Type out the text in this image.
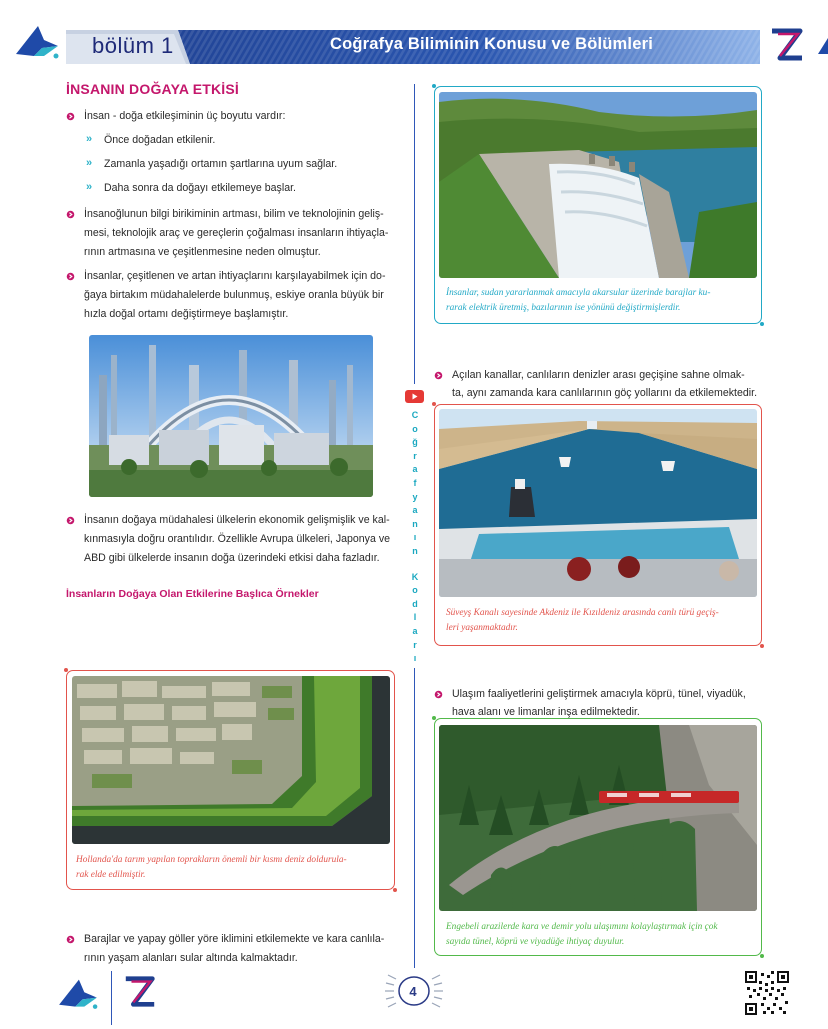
bölüm 1	Coğrafya Biliminin Konusu ve Bölümleri
İNSANIN DOĞAYA ETKİSİ
İnsan - doğa etkileşiminin üç boyutu vardır:
» Önce doğadan etkilenir.
» Zamanla yaşadığı ortamın şartlarına uyum sağlar.
» Daha sonra da doğayı etkilemeye başlar.
İnsanoğlunun bilgi birikiminin artması, bilim ve teknolojinin geliş-
mesi, teknolojik araç ve gereçlerin çoğalması insanların ihtiyaçla-
rının artmasına ve çeşitlenmesine neden olmuştur.
İnsanlar, çeşitlenen ve artan ihtiyaçlarını karşılayabilmek için do-
ğaya birtakım müdahalelerde bulunmuş, eskiye oranla büyük bir
hızla doğal ortamı değiştirmeye başlamıştır.
İnsanın doğaya müdahalesi ülkelerin ekonomik gelişmişlik ve kal-
kınmasıyla doğru orantılıdır. Özellikle Avrupa ülkeleri, Japonya ve
ABD gibi ülkelerde insanın doğa üzerindeki etkisi daha fazladır.
İnsanların Doğaya Olan Etkilerine Başlıca Örnekler
Hollanda'da tarım yapılan toprakların önemli bir kısmı deniz doldurula-
rak elde edilmiştir.
Barajlar ve yapay göller yöre iklimini etkilemekte ve kara canlıla-
rının yaşam alanları sular altında kalmaktadır.
C
o
ğ
r
a
f
y
a
n
ı
n
K
o
d
l
a
r
ı
İnsanlar, sudan yararlanmak amacıyla akarsular üzerinde barajlar ku-
rarak elektrik üretmiş, bazılarının ise yönünü değiştirmişlerdir.
Açılan kanallar, canlıların denizler arası geçişine sahne olmak-
ta, aynı zamanda kara canlılarının göç yollarını da etkilemektedir.
Süveyş Kanalı sayesinde Akdeniz ile Kızıldeniz arasında canlı türü geçiş-
leri yaşanmaktadır.
Ulaşım faaliyetlerini geliştirmek amacıyla köprü, tünel, viyadük,
hava alanı ve limanlar inşa edilmektedir.
Engebeli arazilerde kara ve demir yolu ulaşımını kolaylaştırmak için çok
sayıda tünel, köprü ve viyadüğe ihtiyaç duyulur.
4
